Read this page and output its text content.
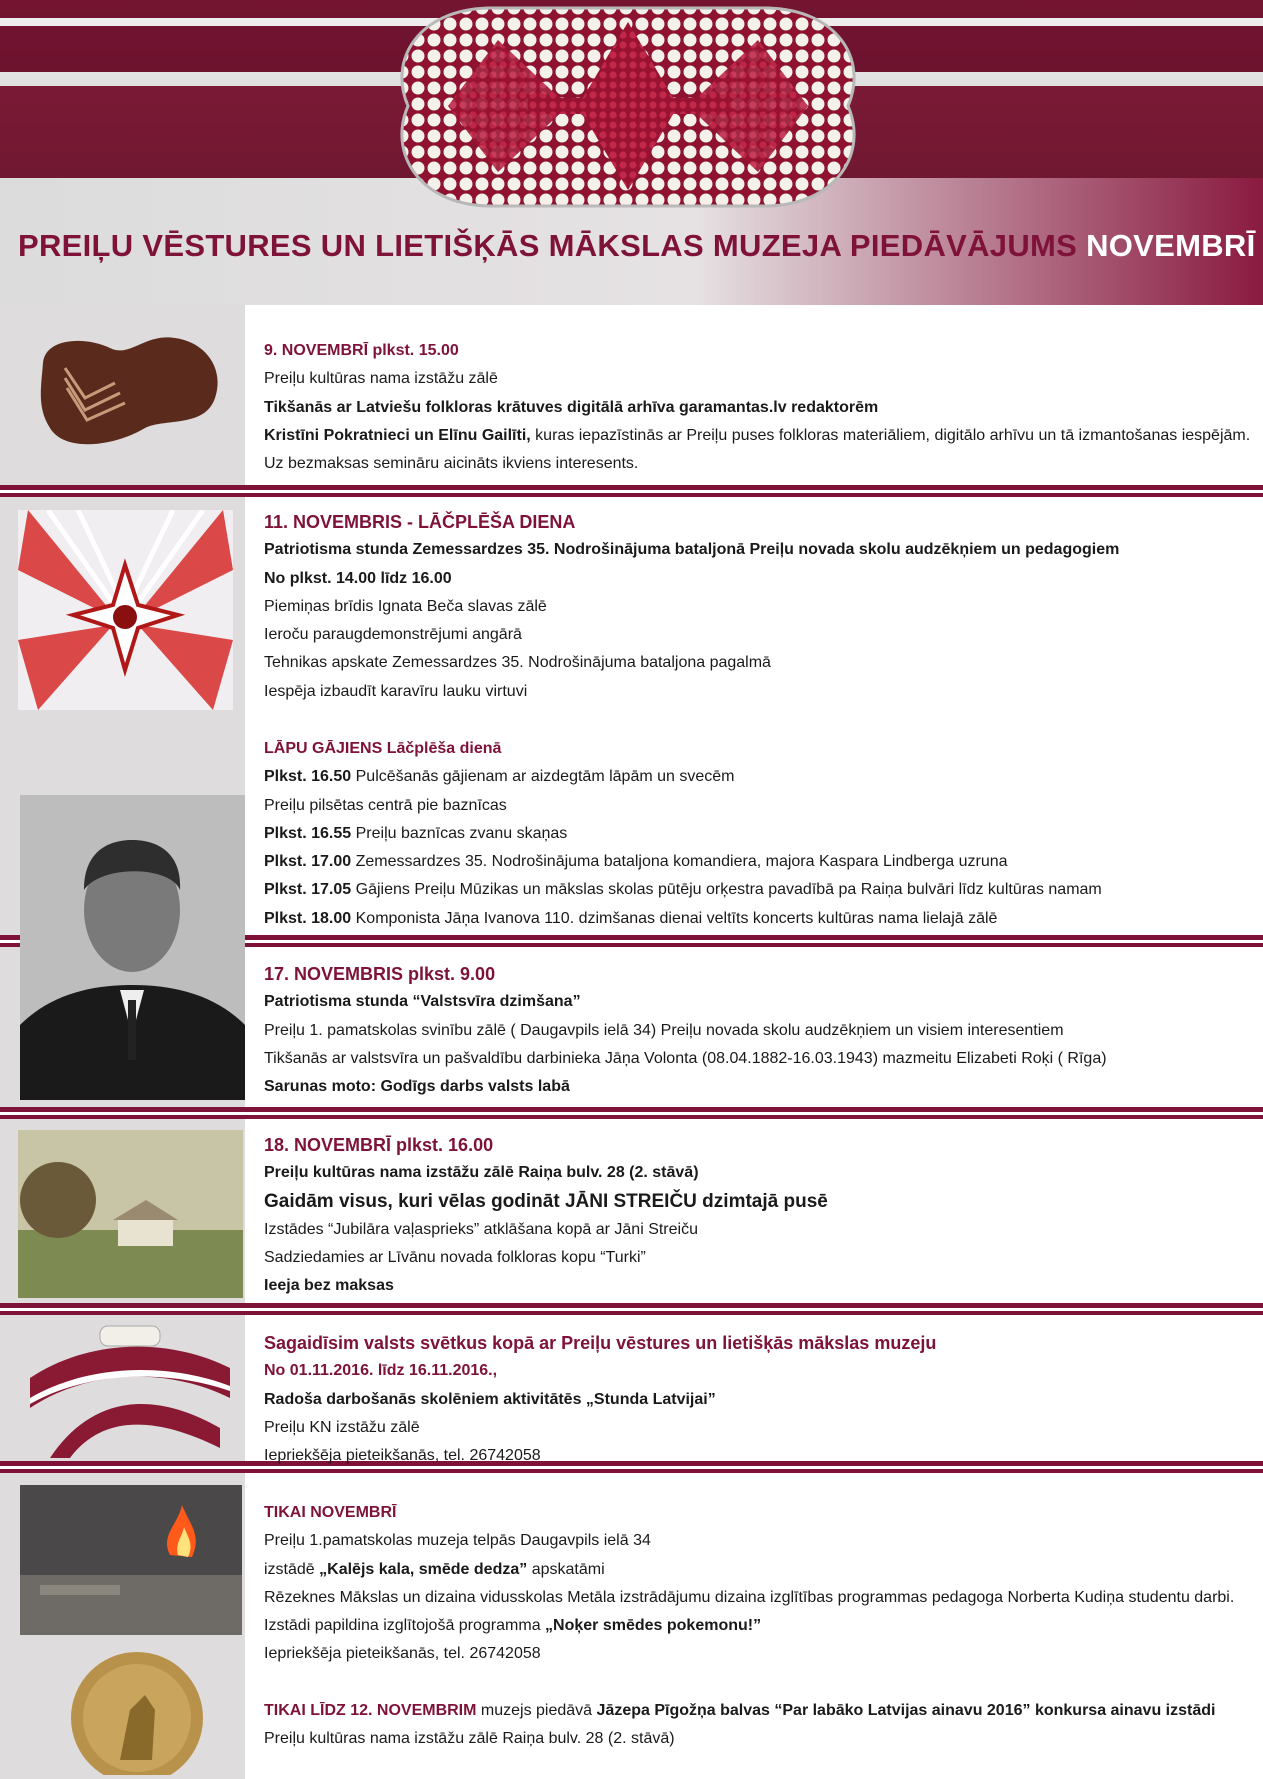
PREIĻU VĒSTURES UN LIETIŠĶĀS MĀKSLAS MUZEJA PIEDĀVĀJUMS NOVEMBRĪ
9. NOVEMBRĪ plkst. 15.00
Preiļu kultūras nama izstāžu zālē
Tikšanās ar Latviešu folkloras krātuves digitālā arhīva garamantas.lv redaktorēm
Kristīni Pokratnieci un Elīnu Gailīti, kuras iepazīstinās ar Preiļu puses folkloras materiāliem, digitālo arhīvu un tā izmantošanas iespējām.
Uz bezmaksas semināru aicināts ikviens interesents.
11. NOVEMBRIS - LĀČPLĒŠA DIENA
Patriotisma stunda Zemessardzes 35. Nodrošinājuma bataljonā Preiļu novada skolu audzēkņiem un pedagogiem
No plkst. 14.00 līdz 16.00
Piemiņas brīdis Ignata Beča slavas zālē
Ieroču paraugdemonstrējumi angārā
Tehnikas apskate Zemessardzes 35. Nodrošinājuma bataljona pagalmā
Iespēja izbaudīt karavīru lauku virtuvi
LĀPU GĀJIENS Lāčplēša dienā
Plkst. 16.50 Pulcēšanās gājienam ar aizdegtām lāpām un svecēm
Preiļu pilsētas centrā pie baznīcas
Plkst. 16.55 Preiļu baznīcas zvanu skaņas
Plkst. 17.00 Zemessardzes 35. Nodrošinājuma bataljona komandiera, majora Kaspara Lindberga uzruna
Plkst. 17.05 Gājiens Preiļu Mūzikas un mākslas skolas pūtēju orķestra pavadībā pa Raiņa bulvāri līdz kultūras namam
Plkst. 18.00 Komponista Jāņa Ivanova 110. dzimšanas dienai veltīts koncerts kultūras nama lielajā zālē
17. NOVEMBRIS plkst. 9.00
Patriotisma stunda “Valstsvīra dzimšana”
Preiļu 1. pamatskolas svinību zālē ( Daugavpils ielā 34) Preiļu novada skolu audzēkņiem un visiem interesentiem
Tikšanās ar valstsvīra un pašvaldību darbinieka Jāņa Volonta (08.04.1882-16.03.1943) mazmeitu Elizabeti Roķi ( Rīga)
Sarunas moto: Godīgs darbs valsts labā
18. NOVEMBRĪ plkst. 16.00
Preiļu kultūras nama izstāžu zālē Raiņa bulv. 28 (2. stāvā)
Gaidām visus, kuri vēlas godināt JĀNI STREIČU dzimtajā pusē
Izstādes “Jubilāra vaļasprieks” atklāšana kopā ar Jāni Streiču
Sadziedamies ar Līvānu novada folkloras kopu “Turki”
Ieeja bez maksas
Sagaidīsim valsts svētkus kopā ar Preiļu vēstures un lietišķās mākslas muzeju
No 01.11.2016. līdz 16.11.2016.,
Radoša darbošanās skolēniem aktivitātēs „Stunda Latvijai”
Preiļu KN izstāžu zālē
Iepriekšēja pieteikšanās, tel. 26742058
TIKAI NOVEMBRĪ
Preiļu 1.pamatskolas muzeja telpās Daugavpils ielā 34
izstādē „Kalējs kala, smēde dedza” apskatāmi
Rēzeknes Mākslas un dizaina vidusskolas Metāla izstrādājumu dizaina izglītības programmas pedagoga Norberta Kudiņa studentu darbi.
Izstādi papildina izglītojošā programma „Noķer smēdes pokemonu!”
Iepriekšēja pieteikšanās, tel. 26742058
TIKAI LĪDZ 12. NOVEMBRIM muzejs piedāvā Jāzepa Pīgožņa balvas “Par labāko Latvijas ainavu 2016” konkursa ainavu izstādi
Preiļu kultūras nama izstāžu zālē Raiņa bulv. 28 (2. stāvā)
